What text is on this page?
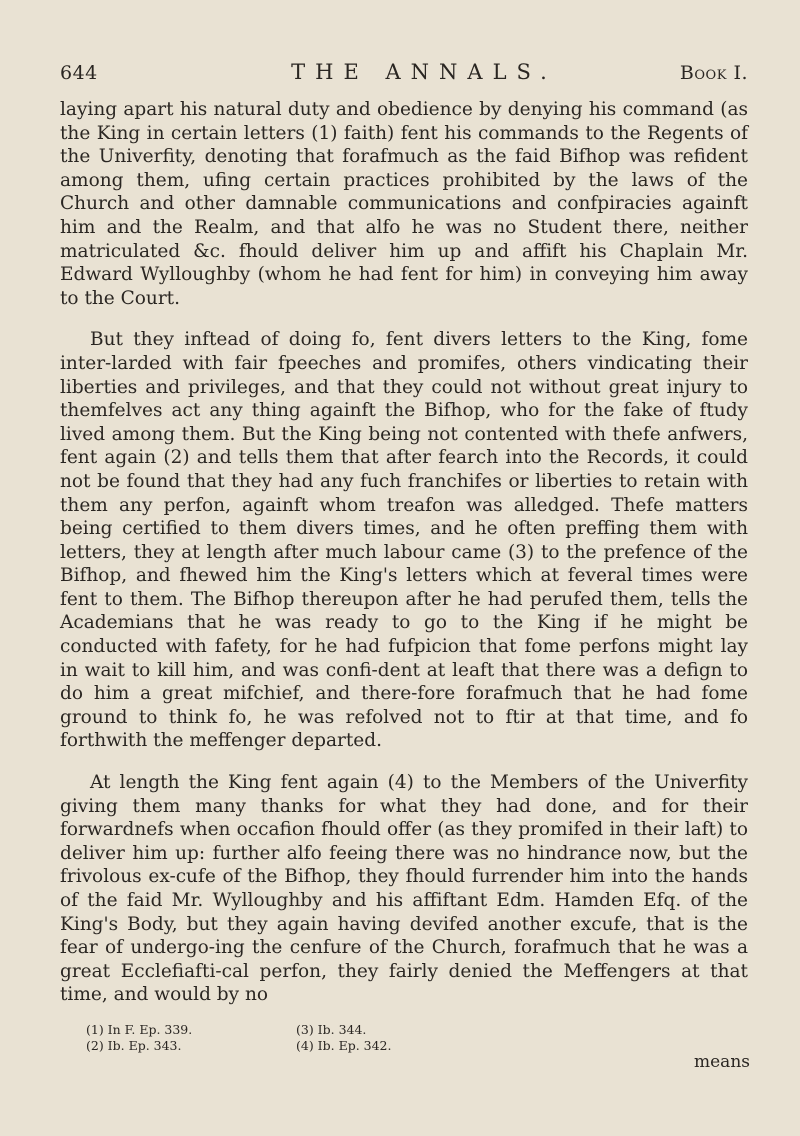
644	THE ANNALS.	Book I.

laying apart his natural duty and obedience by denying his command (as the King in certain letters (1) faith) fent his commands to the Regents of the Univerfity, denoting that forafmuch as the faid Bifhop was refident among them, ufing certain practices prohibited by the laws of the Church and other damnable communications and confpiracies againft him and the Realm, and that alfo he was no Student there, neither matriculated &c. fhould deliver him up and affift his Chaplain Mr. Edward Wylloughby (whom he had fent for him) in conveying him away to the Court.

But they inftead of doing fo, fent divers letters to the King, fome inter-larded with fair fpeeches and promifes, others vindicating their liberties and privileges, and that they could not without great injury to themfelves act any thing againft the Bifhop, who for the fake of ftudy lived among them. But the King being not contented with thefe anfwers, fent again (2) and tells them that after fearch into the Records, it could not be found that they had any fuch franchifes or liberties to retain with them any perfon, againft whom treafon was alledged. Thefe matters being certified to them divers times, and he often preffing them with letters, they at length after much labour came (3) to the prefence of the Bifhop, and fhewed him the King's letters which at feveral times were fent to them. The Bifhop thereupon after he had perufed them, tells the Academians that he was ready to go to the King if he might be conducted with fafety, for he had fufpicion that fome perfons might lay in wait to kill him, and was confi-dent at leaft that there was a defign to do him a great mifchief, and there-fore forafmuch that he had fome ground to think fo, he was refolved not to ftir at that time, and fo forthwith the meffenger departed.

At length the King fent again (4) to the Members of the Univerfity giving them many thanks for what they had done, and for their forwardnefs when occafion fhould offer (as they promifed in their laft) to deliver him up: further alfo feeing there was no hindrance now, but the frivolous ex-cufe of the Bifhop, they fhould furrender him into the hands of the faid Mr. Wylloughby and his affiftant Edm. Hamden Efq. of the King's Body, but they again having devifed another excufe, that is the fear of undergo-ing the cenfure of the Church, forafmuch that he was a great Ecclefiafti-cal perfon, they fairly denied the Meffengers at that time, and would by no

(1) In F. Ep. 339.
(2) Ib. Ep. 343.
(3) Ib. 344.
(4) Ib. Ep. 342.
means
